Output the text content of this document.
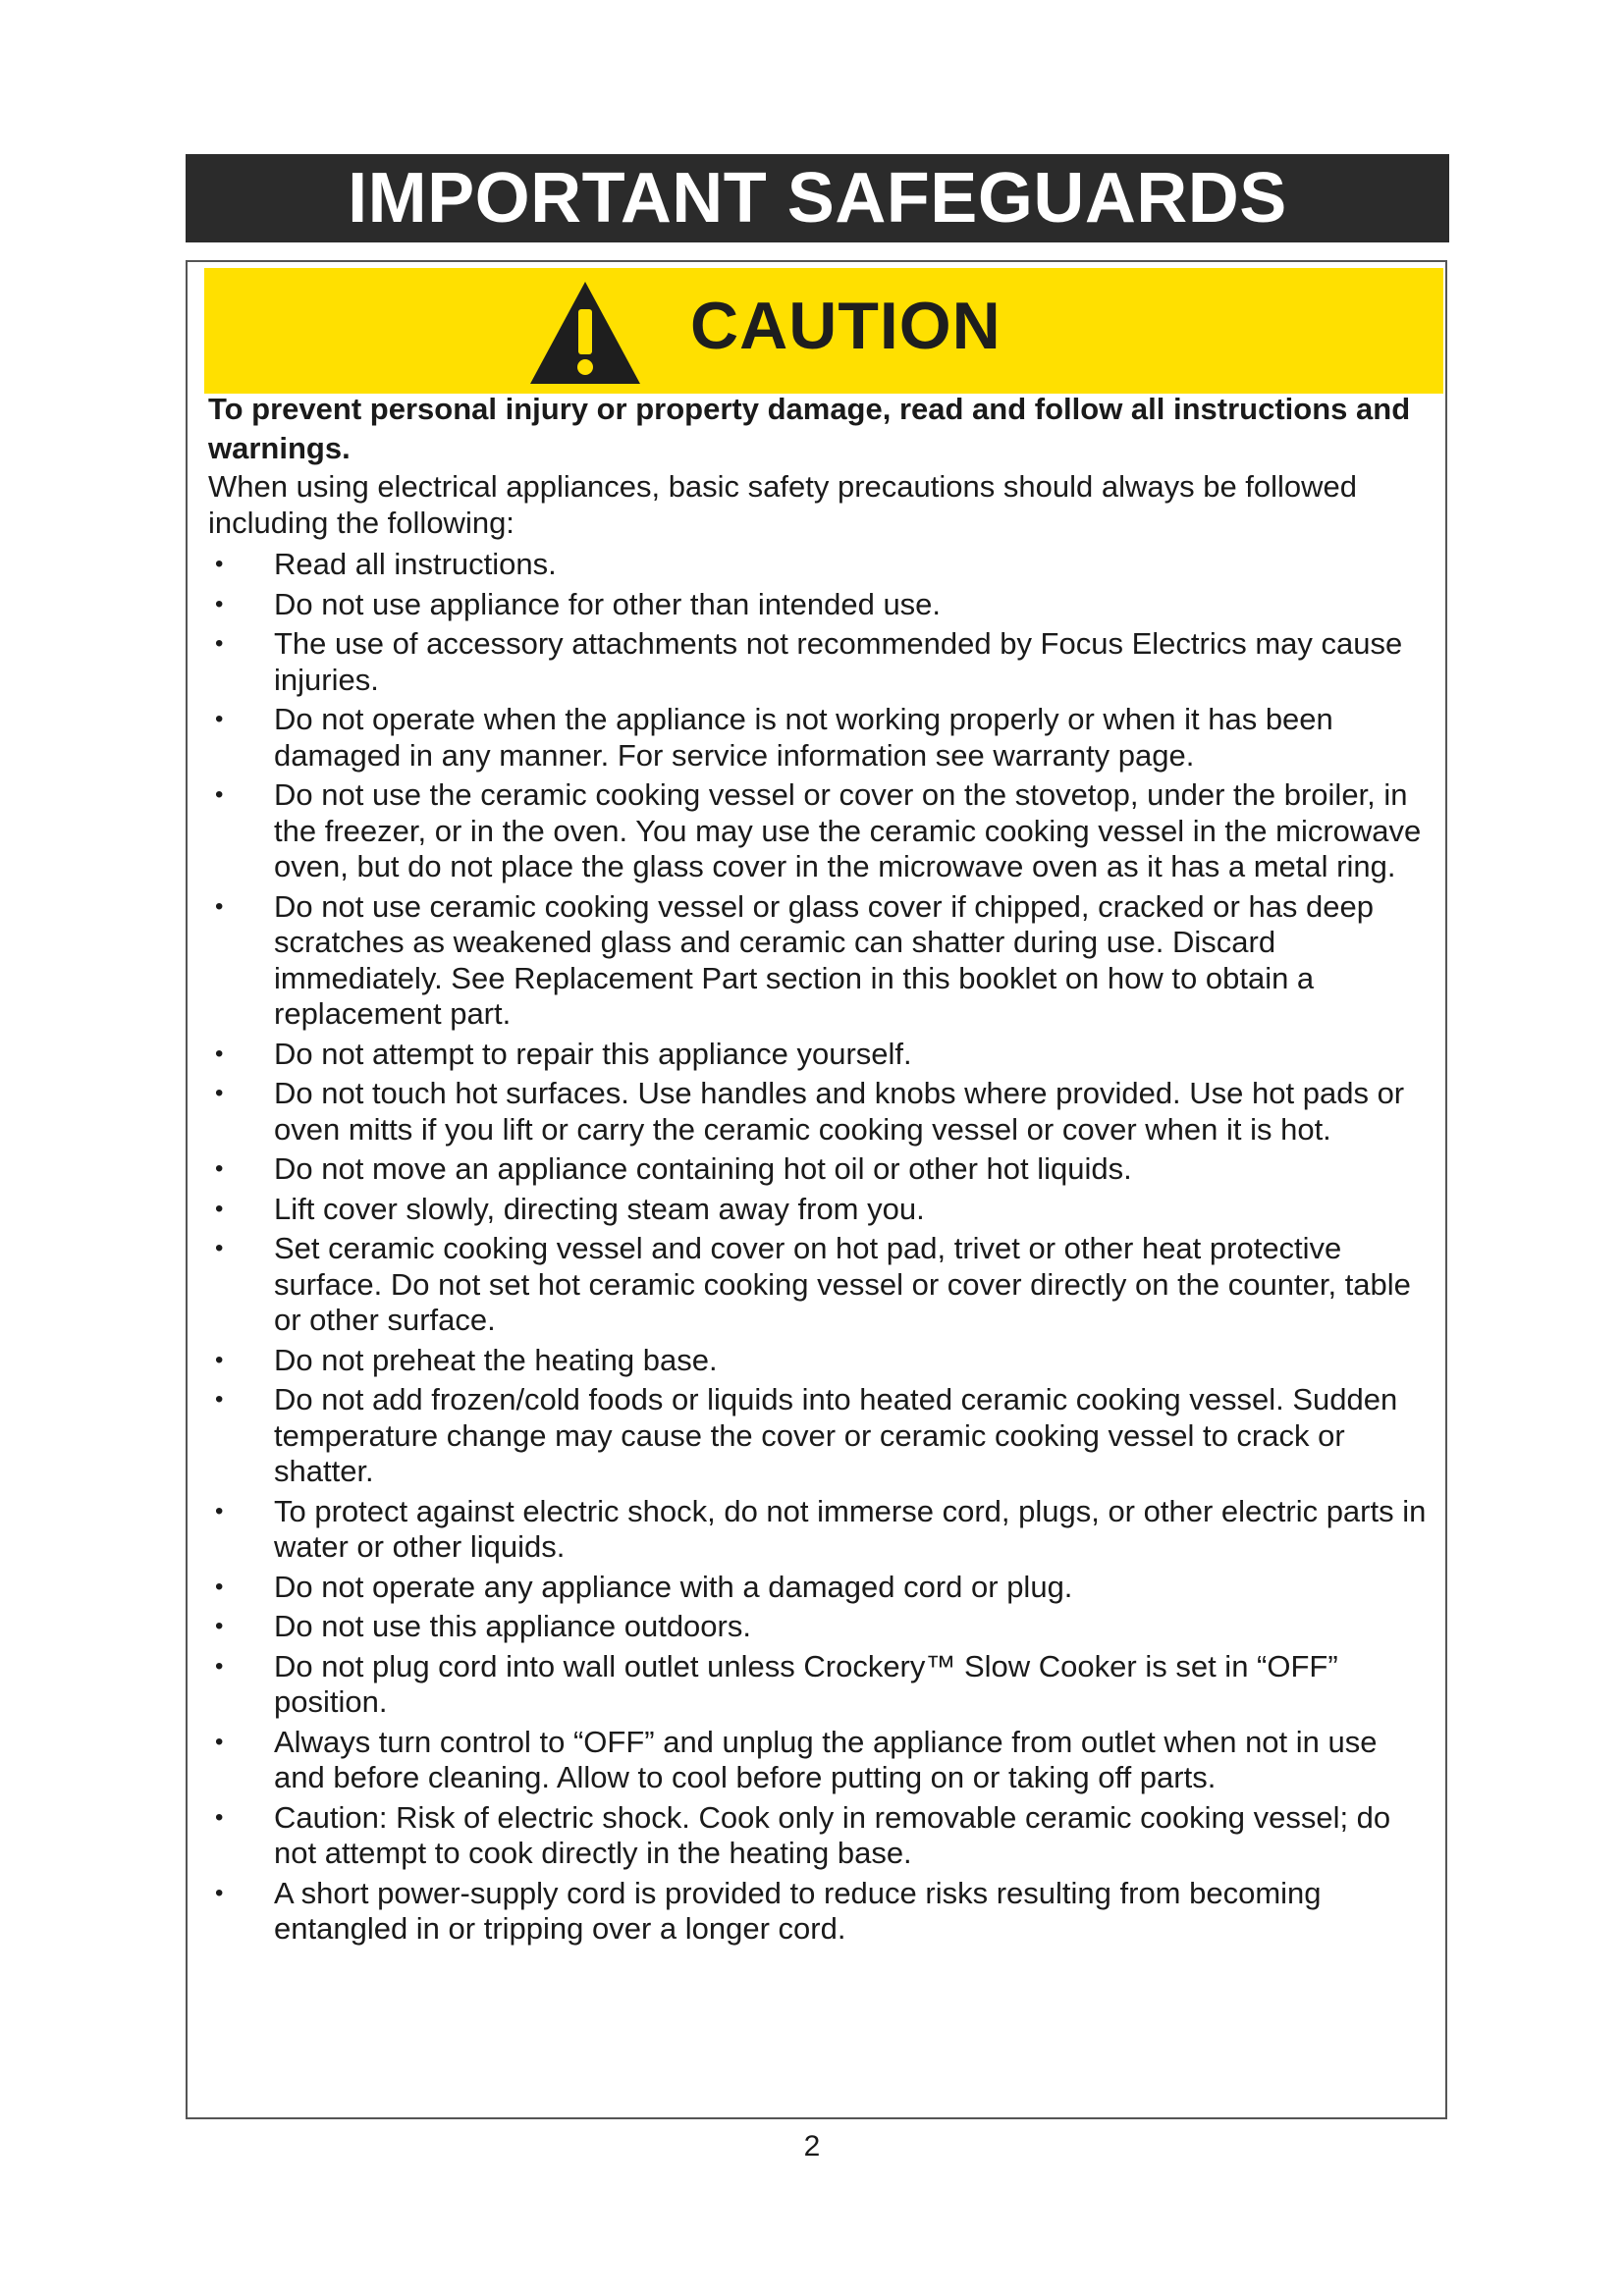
IMPORTANT SAFEGUARDS
CAUTION

To prevent personal injury or property damage, read and follow all instructions and warnings.

When using electrical appliances, basic safety precautions should always be followed including the following:

• Read all instructions.
• Do not use appliance for other than intended use.
• The use of accessory attachments not recommended by Focus Electrics may cause injuries.
• Do not operate when the appliance is not working properly or when it has been damaged in any manner. For service information see warranty page.
• Do not use the ceramic cooking vessel or cover on the stovetop, under the broiler, in the freezer, or in the oven. You may use the ceramic cooking vessel in the microwave oven, but do not place the glass cover in the microwave oven as it has a metal ring.
• Do not use ceramic cooking vessel or glass cover if chipped, cracked or has deep scratches as weakened glass and ceramic can shatter during use. Discard immediately. See Replacement Part section in this booklet on how to obtain a replacement part.
• Do not attempt to repair this appliance yourself.
• Do not touch hot surfaces. Use handles and knobs where provided. Use hot pads or oven mitts if you lift or carry the ceramic cooking vessel or cover when it is hot.
• Do not move an appliance containing hot oil or other hot liquids.
• Lift cover slowly, directing steam away from you.
• Set ceramic cooking vessel and cover on hot pad, trivet or other heat protective surface. Do not set hot ceramic cooking vessel or cover directly on the counter, table or other surface.
• Do not preheat the heating base.
• Do not add frozen/cold foods or liquids into heated ceramic cooking vessel. Sudden temperature change may cause the cover or ceramic cooking vessel to crack or shatter.
• To protect against electric shock, do not immerse cord, plugs, or other electric parts in water or other liquids.
• Do not operate any appliance with a damaged cord or plug.
• Do not use this appliance outdoors.
• Do not plug cord into wall outlet unless Crockery™ Slow Cooker is set in “OFF” position.
• Always turn control to “OFF” and unplug the appliance from outlet when not in use and before cleaning. Allow to cool before putting on or taking off parts.
• Caution: Risk of electric shock. Cook only in removable ceramic cooking vessel; do not attempt to cook directly in the heating base.
• A short power-supply cord is provided to reduce risks resulting from becoming entangled in or tripping over a longer cord.
2
